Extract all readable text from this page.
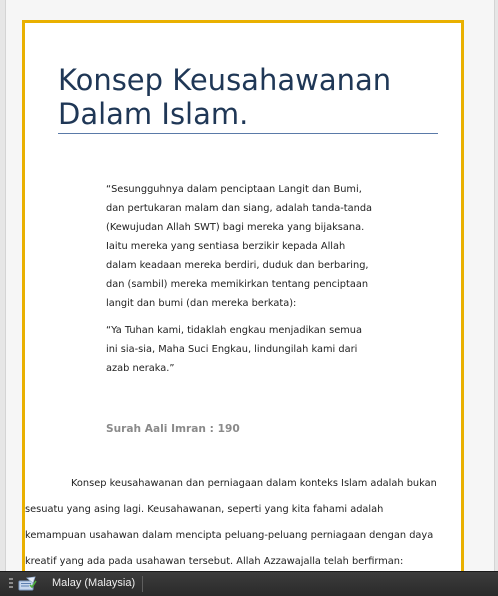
Konsep Keusahawanan Dalam Islam.

“Sesungguhnya dalam penciptaan Langit dan Bumi, dan pertukaran malam dan siang, adalah tanda-tanda (Kewujudan Allah SWT) bagi mereka yang bijaksana. Iaitu mereka yang sentiasa berzikir kepada Allah dalam keadaan mereka berdiri, duduk dan berbaring, dan (sambil) mereka memikirkan tentang penciptaan langit dan bumi (dan mereka berkata):

“Ya Tuhan kami, tidaklah engkau menjadikan semua ini sia-sia, Maha Suci Engkau, lindungilah kami dari azab neraka.”

Surah Aali Imran : 190

Konsep keusahawanan dan perniagaan dalam konteks Islam adalah bukan sesuatu yang asing lagi. Keusahawanan, seperti yang kita fahami adalah kemampuan usahawan dalam mencipta peluang-peluang perniagaan dengan daya kreatif yang ada pada usahawan tersebut. Allah Azzawajalla telah berfirman:

Malay (Malaysia)
